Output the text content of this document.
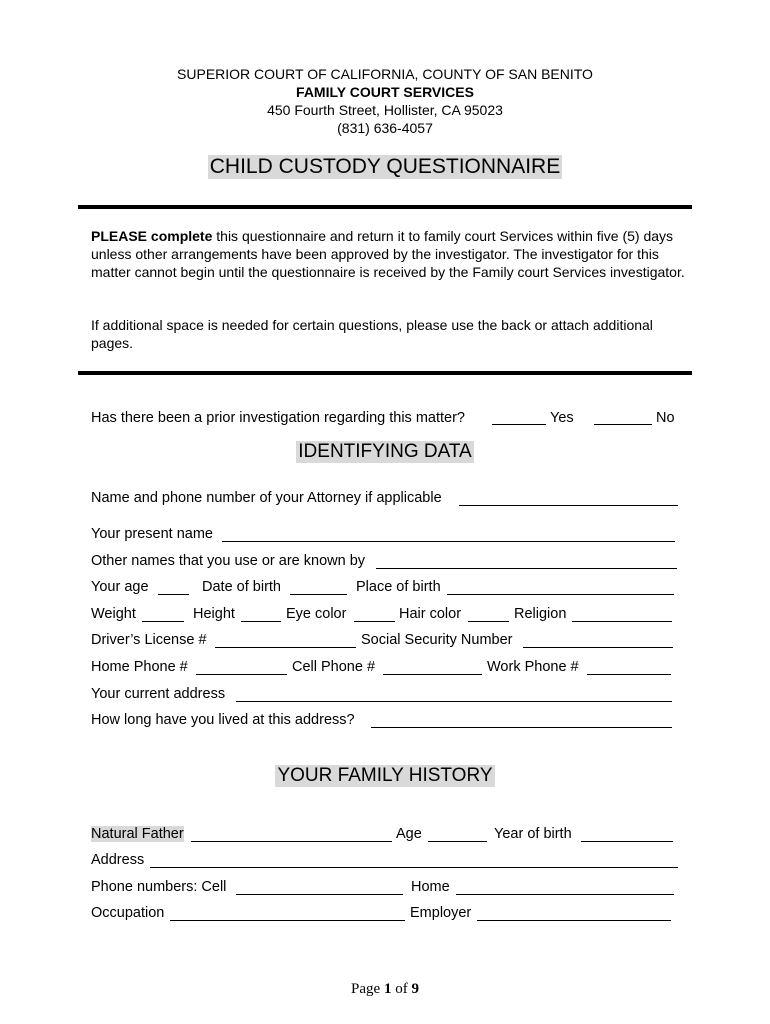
SUPERIOR COURT OF CALIFORNIA, COUNTY OF SAN BENITO
FAMILY COURT SERVICES
450 Fourth Street, Hollister, CA 95023
(831) 636-4057
CHILD CUSTODY QUESTIONNAIRE
PLEASE complete this questionnaire and return it to family court Services within five (5) days unless other arrangements have been approved by the investigator. The investigator for this matter cannot begin until the questionnaire is received by the Family court Services investigator.
If additional space is needed for certain questions, please use the back or attach additional pages.
Has there been a prior investigation regarding this matter?	Yes	No
IDENTIFYING DATA
Name and phone number of your Attorney if applicable
Your present name
Other names that you use or are known by
Your age	Date of birth	Place of birth
Weight	Height	Eye color	Hair color	Religion
Driver’s License #	Social Security Number
Home Phone #	Cell Phone #	Work Phone #
Your current address
How long have you lived at this address?
YOUR FAMILY HISTORY
Natural Father	Age	Year of birth
Address
Phone numbers: Cell	Home
Occupation	Employer
Page 1 of 9
